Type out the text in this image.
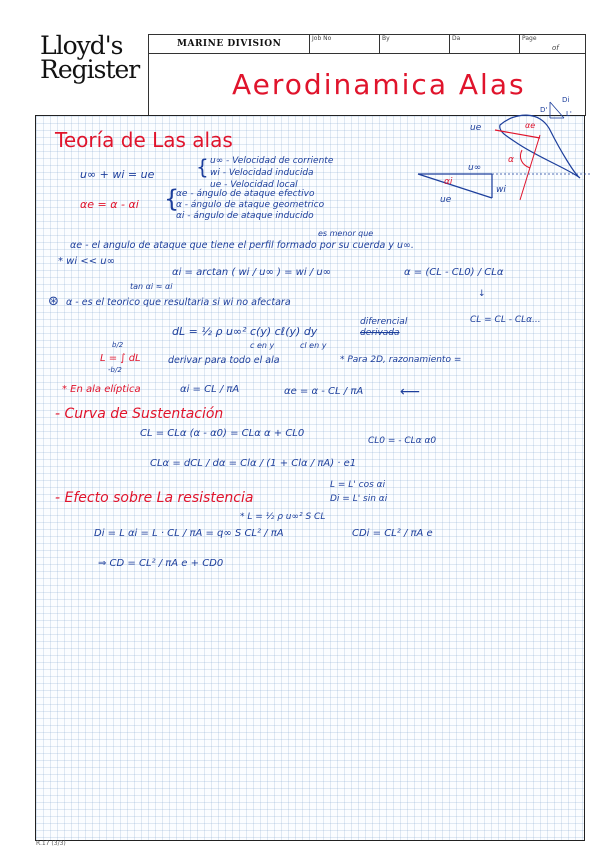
Lloyd's
Register
MARINE DIVISION
Job No	By	Da	Page
of
Aerodinamica Alas
Teoría de Las alas
u∞ + wi = ue { u∞ - Velocidad de corriente
wi - Velocidad inducida
ue - Velocidad local
αe = α - αi {
αe - ángulo de ataque efectivo
α - ángulo de ataque geometrico
αi - ángulo de ataque inducido
u∞
ue
wi
αi
ue
α
αe
Di
L'
D'
es menor que
αe - el angulo de ataque que tiene el perfil formado por su cuerda y u∞.
* wi << u∞
αi = arctan ( wi / u∞ ) = wi / u∞
tan αi ≈ αi
α = (CL - CL0) / CLα
↓
⊛ α - es el teorico que resultaria si wi no afectara
CL = CL - CLα...
diferencial
derivada
dL = ½ ρ u∞² c(y) cℓ(y) dy
c en y	cl en y
L = ∫ dL
b/2
-b/2
derivar para todo el ala	* Para 2D, razonamiento =
* En ala elíptica	αi = CL / πA	αe = α - CL / πA	⟵
- Curva de Sustentación
CL = CLα (α - α0) = CLα α + CL0
CL0 = - CLα α0
CLα = dCL / dα = Clα / (1 + Clα / πA) · e1
L = L' cos αi
Di = L' sin αi
- Efecto sobre La resistencia
* L = ½ ρ u∞² S CL
Di = L αi = L · CL / πA = q∞ S CL² / πA	CDi = CL² / πA e
⇒ CD = CL² / πA e + CD0
R.17 (3/3)
